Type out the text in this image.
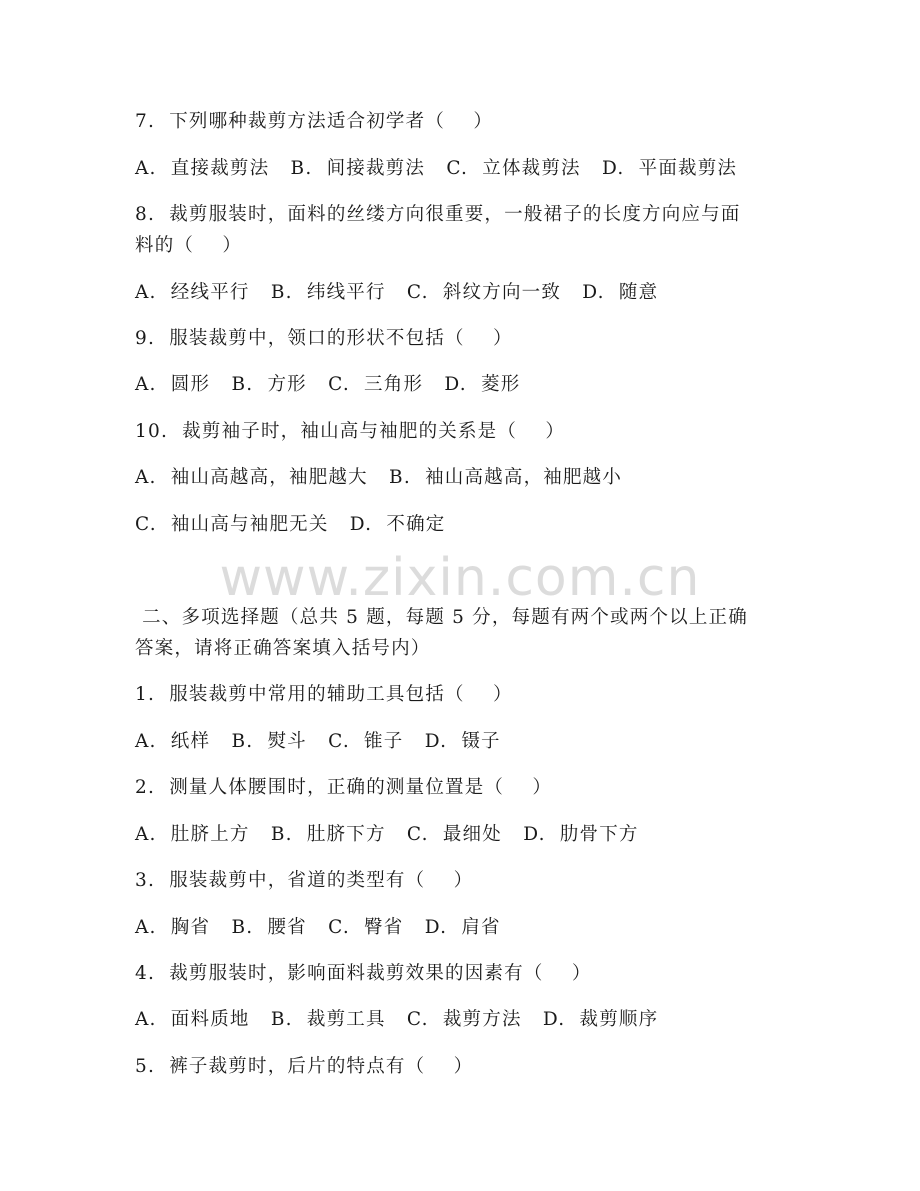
7.  下列哪种裁剪方法适合初学者（    ）
A.  直接裁剪法   B.  间接裁剪法   C.  立体裁剪法   D.  平面裁剪法
8.  裁剪服装时，面料的丝缕方向很重要，一般裙子的长度方向应与面
料的（    ）
A.  经线平行   B.  纬线平行   C.  斜纹方向一致   D.  随意
9.  服装裁剪中，领口的形状不包括（    ）
A.  圆形   B.  方形   C.  三角形   D.  菱形
10.  裁剪袖子时，袖山高与袖肥的关系是（    ）
A.  袖山高越高，袖肥越大   B.  袖山高越高，袖肥越小
C.  袖山高与袖肥无关   D.  不确定
www.zixin.com.cn
二、多项选择题（总共 5 题，每题 5 分，每题有两个或两个以上正确
答案，请将正确答案填入括号内）
1.  服装裁剪中常用的辅助工具包括（    ）
A.  纸样   B.  熨斗   C.  锥子   D.  镊子
2.  测量人体腰围时，正确的测量位置是（    ）
A.  肚脐上方   B.  肚脐下方   C.  最细处   D.  肋骨下方
3.  服装裁剪中，省道的类型有（    ）
A.  胸省   B.  腰省   C.  臀省   D.  肩省
4.  裁剪服装时，影响面料裁剪效果的因素有（    ）
A.  面料质地   B.  裁剪工具   C.  裁剪方法   D.  裁剪顺序
5.  裤子裁剪时，后片的特点有（    ）
